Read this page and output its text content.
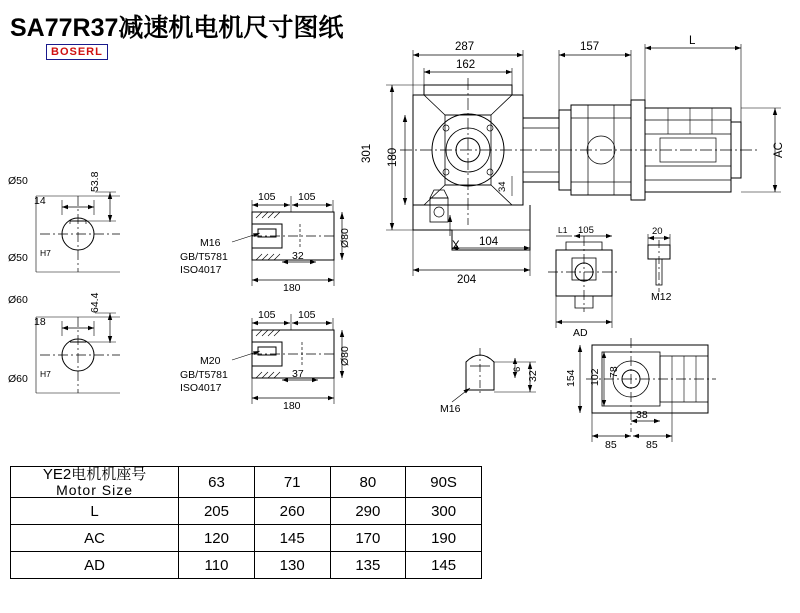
SA77R37减速机电机尺寸图纸
BOSERL
Ø50
14
53.8
Ø50 H7
Ø60
18
64.4
Ø60 H7
105 105
32
180
Ø80
M16
GB/T5781
ISO4017
105 105
37
180
Ø80
M20
GB/T5781
ISO4017
287
162
157	L
301 180
34
AC
104
204
X
L1 105	20
M12
AD
6
32
M16
154 102 78
38
85	85
YE2电机机座号
Motor Size	63	71	80	90S
L	205	260	290	300
AC	120	145	170	190
AD	110	130	135	145
